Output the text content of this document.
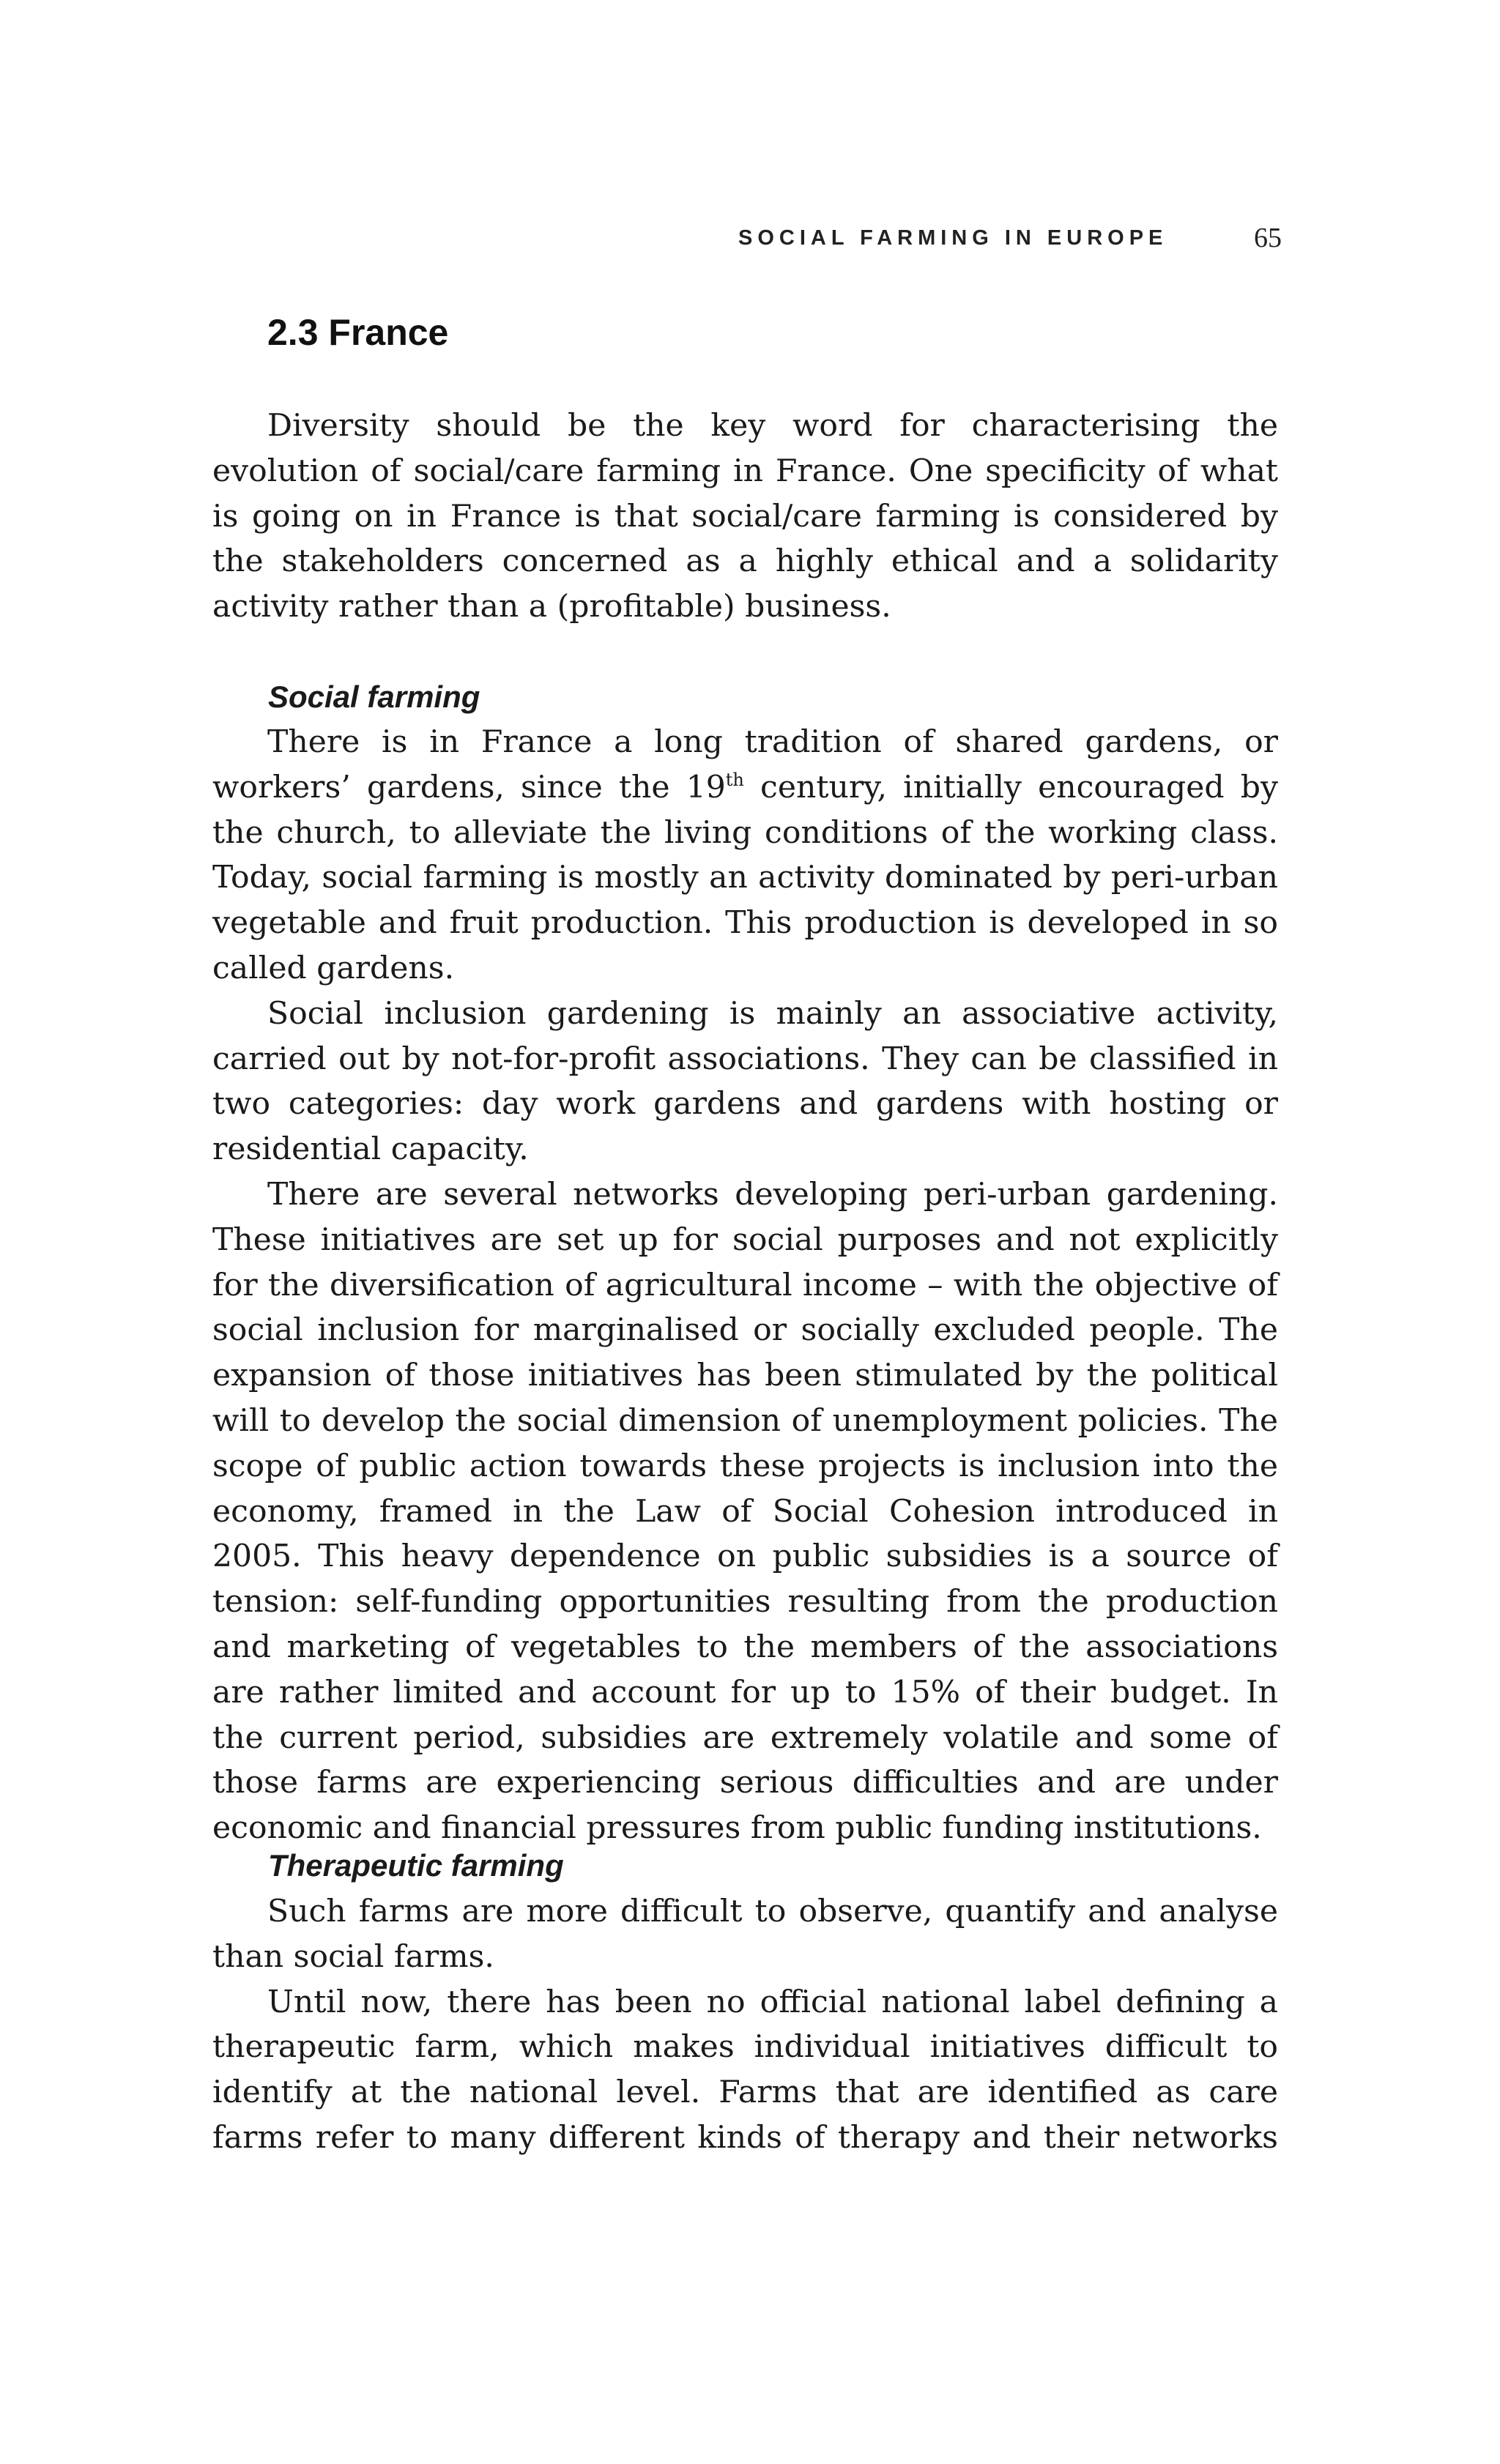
SOCIAL FARMING IN EUROPE	65
2.3 France

Diversity should be the key word for characterising the evolution of social/care farming in France. One specificity of what is going on in France is that social/care farming is considered by the stakeholders concerned as a highly ethical and a solidarity activity rather than a (profitable) business.

Social farming

There is in France a long tradition of shared gardens, or workers’ gardens, since the 19th century, initially encouraged by the church, to alleviate the living conditions of the working class. Today, social farming is mostly an activity dominated by peri-urban vegetable and fruit production. This production is developed in so called gardens.

Social inclusion gardening is mainly an associative activity, carried out by not-for-profit associations. They can be classified in two categories: day work gardens and gardens with hosting or residential capacity.

There are several networks developing peri-urban gardening. These initiatives are set up for social purposes and not explicitly for the diversification of agricultural income – with the objective of social inclusion for marginalised or socially excluded people. The expansion of those initiatives has been stimulated by the political will to develop the social dimension of unemployment policies. The scope of public action towards these projects is inclusion into the economy, framed in the Law of Social Cohesion introduced in 2005. This heavy dependence on public subsidies is a source of tension: self-funding opportunities resulting from the production and marketing of vegetables to the members of the associations are rather limited and account for up to 15% of their budget. In the current period, subsidies are extremely volatile and some of those farms are experiencing serious difficulties and are under economic and financial pressures from public funding institutions.

Therapeutic farming

Such farms are more difficult to observe, quantify and analyse than social farms.

Until now, there has been no official national label defining a therapeutic farm, which makes individual initiatives difficult to identify at the national level. Farms that are identified as care farms refer to many different kinds of therapy and their networks
